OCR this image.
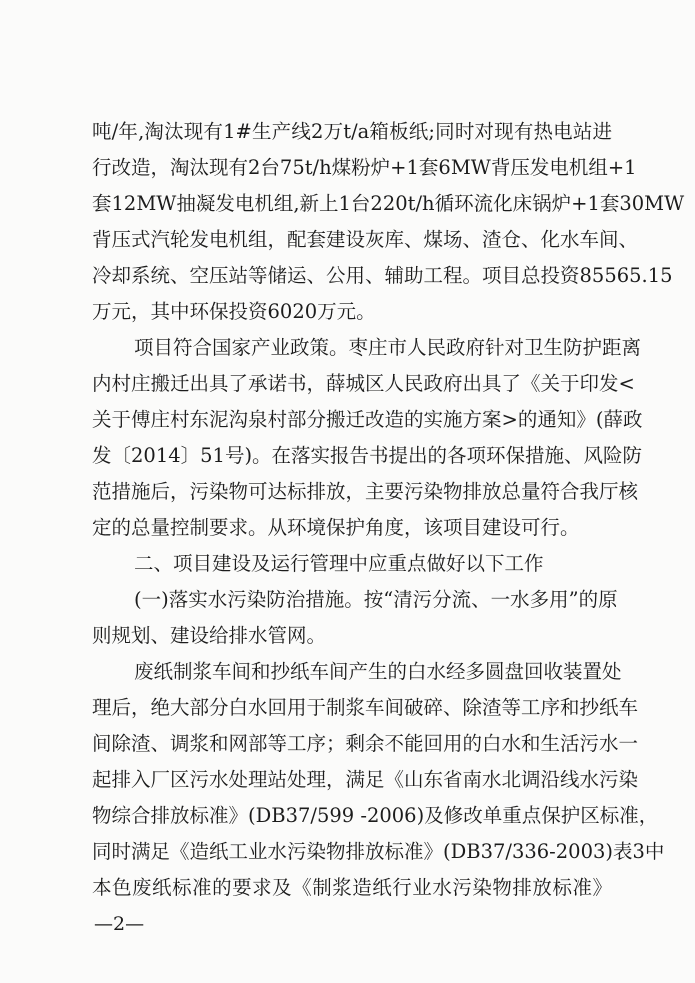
吨/年,淘汰现有1#生产线2万t/a箱板纸;同时对现有热电站进

行改造，淘汰现有2台75t/h煤粉炉+1套6MW背压发电机组+1

套12MW抽凝发电机组,新上1台220t/h循环流化床锅炉+1套30MW

背压式汽轮发电机组，配套建设灰库、煤场、渣仓、化水车间、

冷却系统、空压站等储运、公用、辅助工程。项目总投资85565.15

万元，其中环保投资6020万元。

项目符合国家产业政策。枣庄市人民政府针对卫生防护距离

内村庄搬迁出具了承诺书，薛城区人民政府出具了《关于印发<

关于傅庄村东泥沟泉村部分搬迁改造的实施方案>的通知》(薛政

发〔2014〕51号)。在落实报告书提出的各项环保措施、风险防

范措施后，污染物可达标排放，主要污染物排放总量符合我厅核

定的总量控制要求。从环境保护角度，该项目建设可行。

二、项目建设及运行管理中应重点做好以下工作

(一)落实水污染防治措施。按“清污分流、一水多用”的原

则规划、建设给排水管网。

废纸制浆车间和抄纸车间产生的白水经多圆盘回收装置处

理后，绝大部分白水回用于制浆车间破碎、除渣等工序和抄纸车

间除渣、调浆和网部等工序；剩余不能回用的白水和生活污水一

起排入厂区污水处理站处理，满足《山东省南水北调沿线水污染

物综合排放标准》(DB37/599 -2006)及修改单重点保护区标准，

同时满足《造纸工业水污染物排放标准》(DB37/336-2003)表3中

本色废纸标准的要求及《制浆造纸行业水污染物排放标准》

—2—
